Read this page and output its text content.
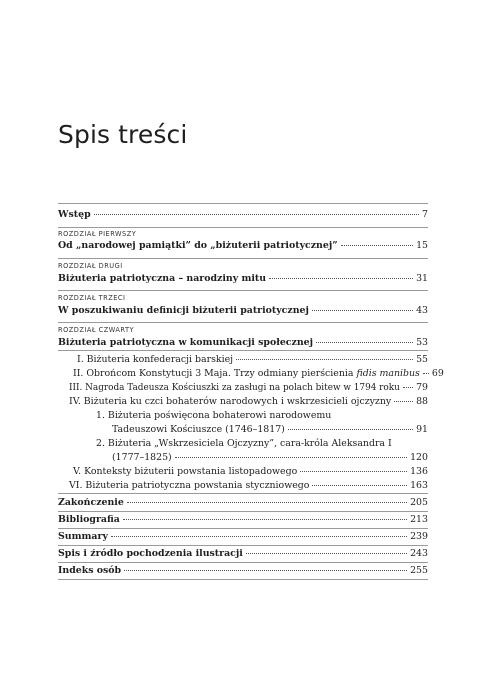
Spis treści
Wstęp	7
ROZDZIAŁ PIERWSZY
Od „narodowej pamiątki” do „biżuterii patriotycznej”	15
ROZDZIAŁ DRUGI
Biżuteria patriotyczna – narodziny mitu	31
ROZDZIAŁ TRZECI
W poszukiwaniu definicji biżuterii patriotycznej	43
ROZDZIAŁ CZWARTY
Biżuteria patriotyczna w komunikacji społecznej	53
I. Biżuteria konfederacji barskiej	55
II. Obrońcom Konstytucji 3 Maja. Trzy odmiany pierścienia fidis manibus 69
III. Nagroda Tadeusza Kościuszki za zasługi na polach bitew w 1794 roku 79
IV. Biżuteria ku czci bohaterów narodowych i wskrzesicieli ojczyzny	88
1. Biżuteria poświęcona bohaterowi narodowemu
Tadeuszowi Kościuszce (1746–1817)	91
2. Biżuteria „Wskrzesiciela Ojczyzny”, cara-króla Aleksandra I
(1777–1825)	120
V. Konteksty biżuterii powstania listopadowego	136
VI. Biżuteria patriotyczna powstania styczniowego	163
Zakończenie	205
Bibliografia	213
Summary	239
Spis i źródło pochodzenia ilustracji	243
Indeks osób	255
